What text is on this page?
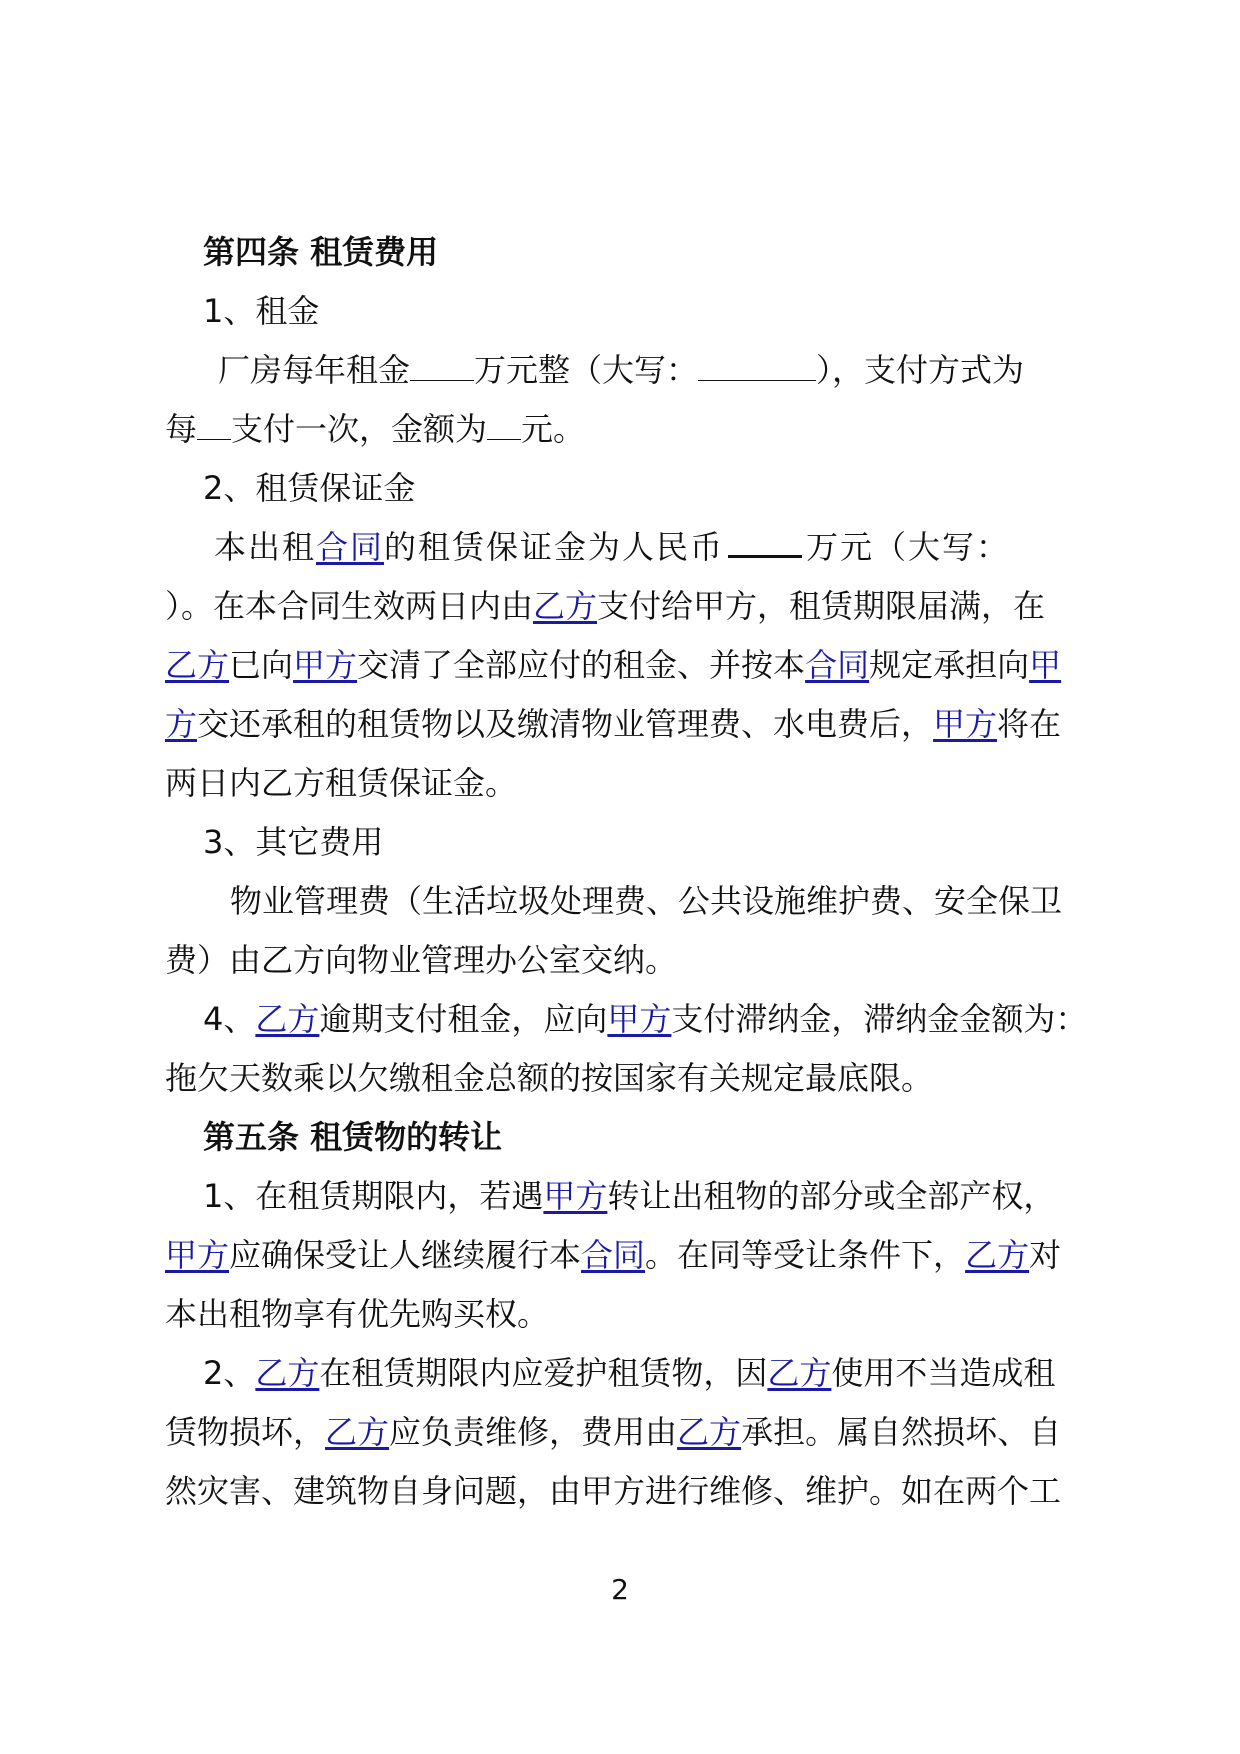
第四条 租赁费用
1、租金
厂房每年租金 万元整（大写：	），支付方式为
每 支付一次，金额为 元。
2、租赁保证金
本出租合同的租赁保证金为人民币	万元（大写：
）。在本合同生效两日内由乙方支付给甲方，租赁期限届满，在
乙方已向甲方交清了全部应付的租金、并按本合同规定承担向甲
方交还承租的租赁物以及缴清物业管理费、水电费后，甲方将在
两日内乙方租赁保证金。
3、其它费用
物业管理费（生活垃圾处理费、公共设施维护费、安全保卫
费）由乙方向物业管理办公室交纳。
4、乙方逾期支付租金，应向甲方支付滞纳金，滞纳金金额为：
拖欠天数乘以欠缴租金总额的按国家有关规定最底限。
第五条 租赁物的转让
1、在租赁期限内，若遇甲方转让出租物的部分或全部产权，
甲方应确保受让人继续履行本合同。在同等受让条件下，乙方对
本出租物享有优先购买权。
2、乙方在租赁期限内应爱护租赁物，因乙方使用不当造成租
赁物损坏，乙方应负责维修，费用由乙方承担。属自然损坏、自
然灾害、建筑物自身问题，由甲方进行维修、维护。如在两个工
2
